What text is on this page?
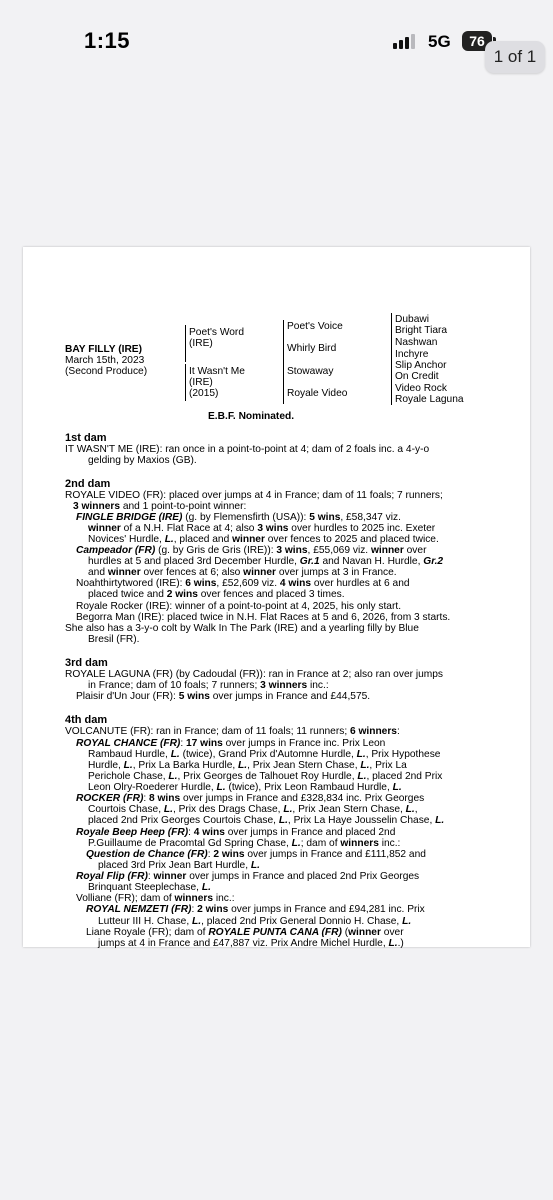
1:15	5G	76
1 of 1
BAY FILLY (IRE)
March 15th, 2023
(Second Produce)
Poet's Word
(IRE)
It Wasn't Me
(IRE)
(2015)
Poet's Voice
Whirly Bird
Stowaway
Royale Video
Dubawi
Bright Tiara
Nashwan
Inchyre
Slip Anchor
On Credit
Video Rock
Royale Laguna
E.B.F. Nominated.
1st dam
IT WASN'T ME (IRE): ran once in a point-to-point at 4; dam of 2 foals inc. a 4-y-o
gelding by Maxios (GB).
2nd dam
ROYALE VIDEO (FR): placed over jumps at 4 in France; dam of 11 foals; 7 runners;
3 winners and 1 point-to-point winner:
FINGLE BRIDGE (IRE) (g. by Flemensfirth (USA)): 5 wins, £58,347 viz.
winner of a N.H. Flat Race at 4; also 3 wins over hurdles to 2025 inc. Exeter
Novices' Hurdle, L., placed and winner over fences to 2025 and placed twice.
Campeador (FR) (g. by Gris de Gris (IRE)): 3 wins, £55,069 viz. winner over
hurdles at 5 and placed 3rd December Hurdle, Gr.1 and Navan H. Hurdle, Gr.2
and winner over fences at 6; also winner over jumps at 3 in France.
Noahthirtytwored (IRE): 6 wins, £52,609 viz. 4 wins over hurdles at 6 and
placed twice and 2 wins over fences and placed 3 times.
Royale Rocker (IRE): winner of a point-to-point at 4, 2025, his only start.
Begorra Man (IRE): placed twice in N.H. Flat Races at 5 and 6, 2026, from 3 starts.
She also has a 3-y-o colt by Walk In The Park (IRE) and a yearling filly by Blue
Bresil (FR).
3rd dam
ROYALE LAGUNA (FR) (by Cadoudal (FR)): ran in France at 2; also ran over jumps
in France; dam of 10 foals; 7 runners; 3 winners inc.:
Plaisir d'Un Jour (FR): 5 wins over jumps in France and £44,575.
4th dam
VOLCANUTE (FR): ran in France; dam of 11 foals; 11 runners; 6 winners:
ROYAL CHANCE (FR): 17 wins over jumps in France inc. Prix Leon
Rambaud Hurdle, L. (twice), Grand Prix d'Automne Hurdle, L., Prix Hypothese
Hurdle, L., Prix La Barka Hurdle, L., Prix Jean Stern Chase, L., Prix La
Perichole Chase, L., Prix Georges de Talhouet Roy Hurdle, L., placed 2nd Prix
Leon Olry-Roederer Hurdle, L. (twice), Prix Leon Rambaud Hurdle, L.
ROCKER (FR): 8 wins over jumps in France and £328,834 inc. Prix Georges
Courtois Chase, L., Prix des Drags Chase, L., Prix Jean Stern Chase, L.,
placed 2nd Prix Georges Courtois Chase, L., Prix La Haye Jousselin Chase, L.
Royale Beep Heep (FR): 4 wins over jumps in France and placed 2nd
P.Guillaume de Pracomtal Gd Spring Chase, L.; dam of winners inc.:
Question de Chance (FR): 2 wins over jumps in France and £111,852 and
placed 3rd Prix Jean Bart Hurdle, L.
Royal Flip (FR): winner over jumps in France and placed 2nd Prix Georges
Brinquant Steeplechase, L.
Volliane (FR); dam of winners inc.:
ROYAL NEMZETI (FR): 2 wins over jumps in France and £94,281 inc. Prix
Lutteur III H. Chase, L., placed 2nd Prix General Donnio H. Chase, L.
Liane Royale (FR); dam of ROYALE PUNTA CANA (FR) (winner over
jumps at 4 in France and £47,887 viz. Prix Andre Michel Hurdle, L..)
